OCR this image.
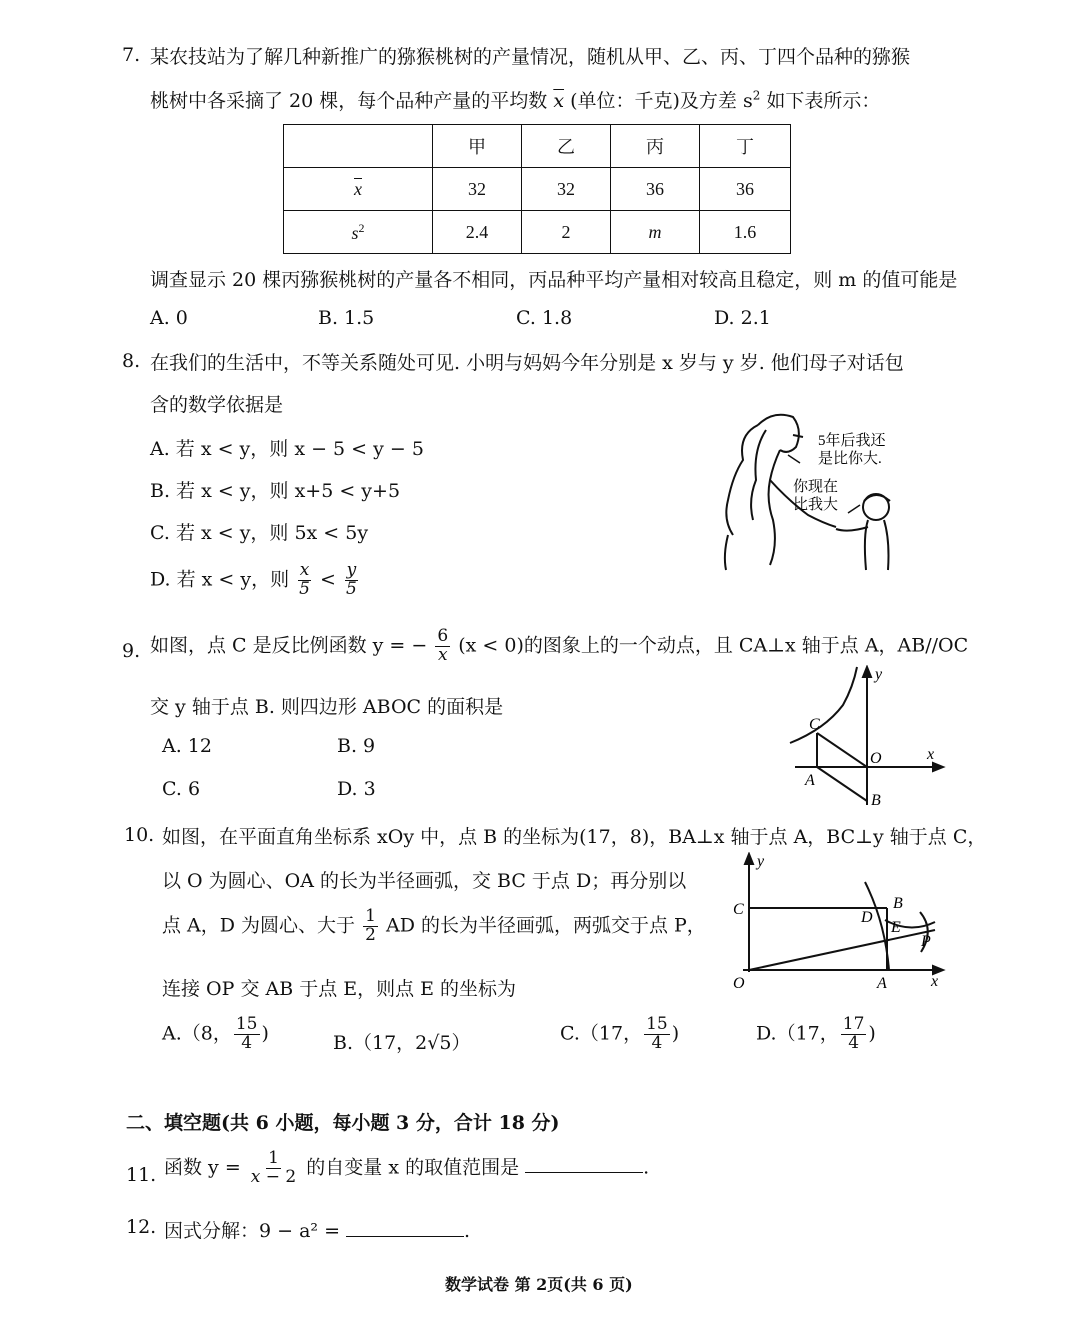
7. 某农技站为了解几种新推广的猕猴桃树的产量情况，随机从甲、乙、丙、丁四个品种的猕猴
桃树中各采摘了 20 棵，每个品种产量的平均数 $\overline{x}$ (单位：千克)及方差 $s^2$ 如下表所示：
	甲	乙	丙	丁
$\overline{x}$	32	32	36	36
$s^2$	2.4	2	m	1.6
调查显示 20 棵丙猕猴桃树的产量各不相同，丙品种平均产量相对较高且稳定，则 m 的值可能是
A. 0	B. 1.5	C. 1.8	D. 2.1
8. 在我们的生活中，不等关系随处可见. 小明与妈妈今年分别是 x 岁与 y 岁. 他们母子对话包
含的数学依据是
A. 若 x < y，则 x − 5 < y − 5
B. 若 x < y，则 x+5 < y+5
C. 若 x < y，则 5x < 5y
D. 若 x < y，则 $\frac{x}{5} < \frac{y}{5}$
5年后我还
是比你大.
你现在
比我大
9. 如图，点 C 是反比例函数 y = − $\frac{6}{x} (x < 0)$的图象上的一个动点，且 CA⊥x 轴于点 A，AB//OC
交 y 轴于点 B. 则四边形 ABOC 的面积是
A. 12	B. 9
C. 6	D. 3
C
y
x
O
A
B
10. 如图，在平面直角坐标系 xOy 中，点 B 的坐标为(17，8)，BA⊥x 轴于点 A，BC⊥y 轴于点 C，
以 O 为圆心、OA 的长为半径画弧，交 BC 于点 D；再分别以
点 A，D 为圆心、大于 $\frac{1}{2}$ AD 的长为半径画弧，两弧交于点 P，
连接 OP 交 AB 于点 E，则点 E 的坐标为
A.（8， $\frac{15}{4}$ )	B.（17，2√5）	C.（17， $\frac{15}{4}$ )	D.（17， $\frac{17}{4}$ )
C
y
x
O	A
B
D
E
P
二、填空题(共 6 小题，每小题 3 分，合计 18 分)
11. 函数 $y = \frac{1}{x - 2}$ 的自变量 x 的取值范围是	.
12. 因式分解：9 − a² =	.
数学试卷 第 2页(共 6 页)
